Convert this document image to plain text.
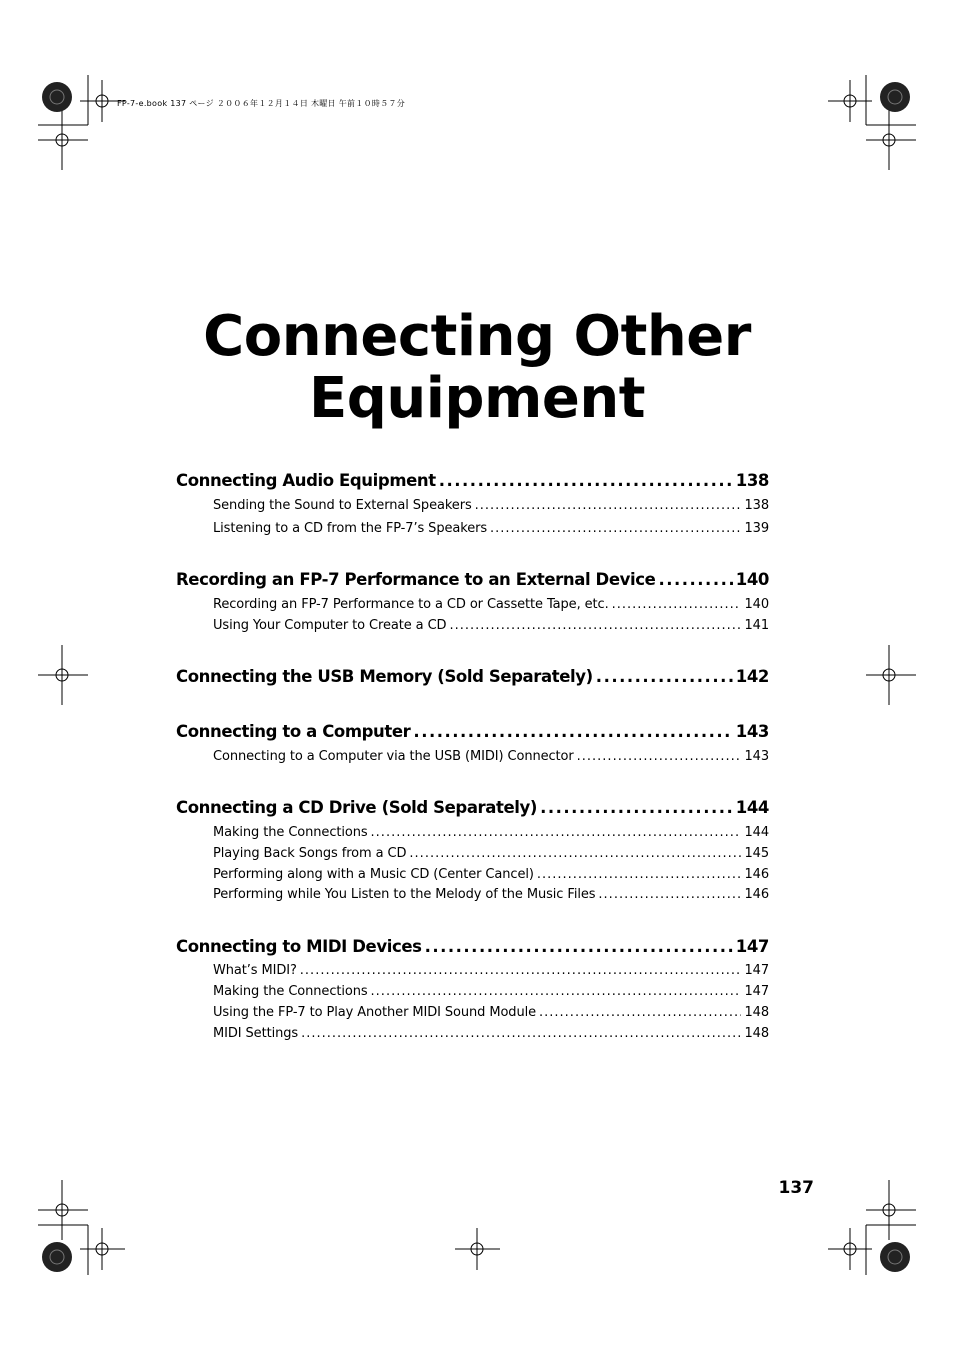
FP-7-e.book 137 ページ ２００６年１２月１４日 木曜日 午前１０時５７分
Connecting Other
Equipment
Connecting Audio Equipment .....	138
Sending the Sound to External Speakers .....	138
Listening to a CD from the FP-7’s Speakers .....	139
Recording an FP-7 Performance to an External Device .....	140
Recording an FP-7 Performance to a CD or Cassette Tape, etc. .....	140
Using Your Computer to Create a CD .....	141
Connecting the USB Memory (Sold Separately) .....	142
Connecting to a Computer .....	143
Connecting to a Computer via the USB (MIDI) Connector .....	143
Connecting a CD Drive (Sold Separately) .....	144
Making the Connections .....	144
Playing Back Songs from a CD .....	145
Performing along with a Music CD (Center Cancel) .....	146
Performing while You Listen to the Melody of the Music Files .....	146
Connecting to MIDI Devices .....	147
What’s MIDI? .....	147
Making the Connections .....	147
Using the FP-7 to Play Another MIDI Sound Module .....	148
MIDI Settings .....	148
137
